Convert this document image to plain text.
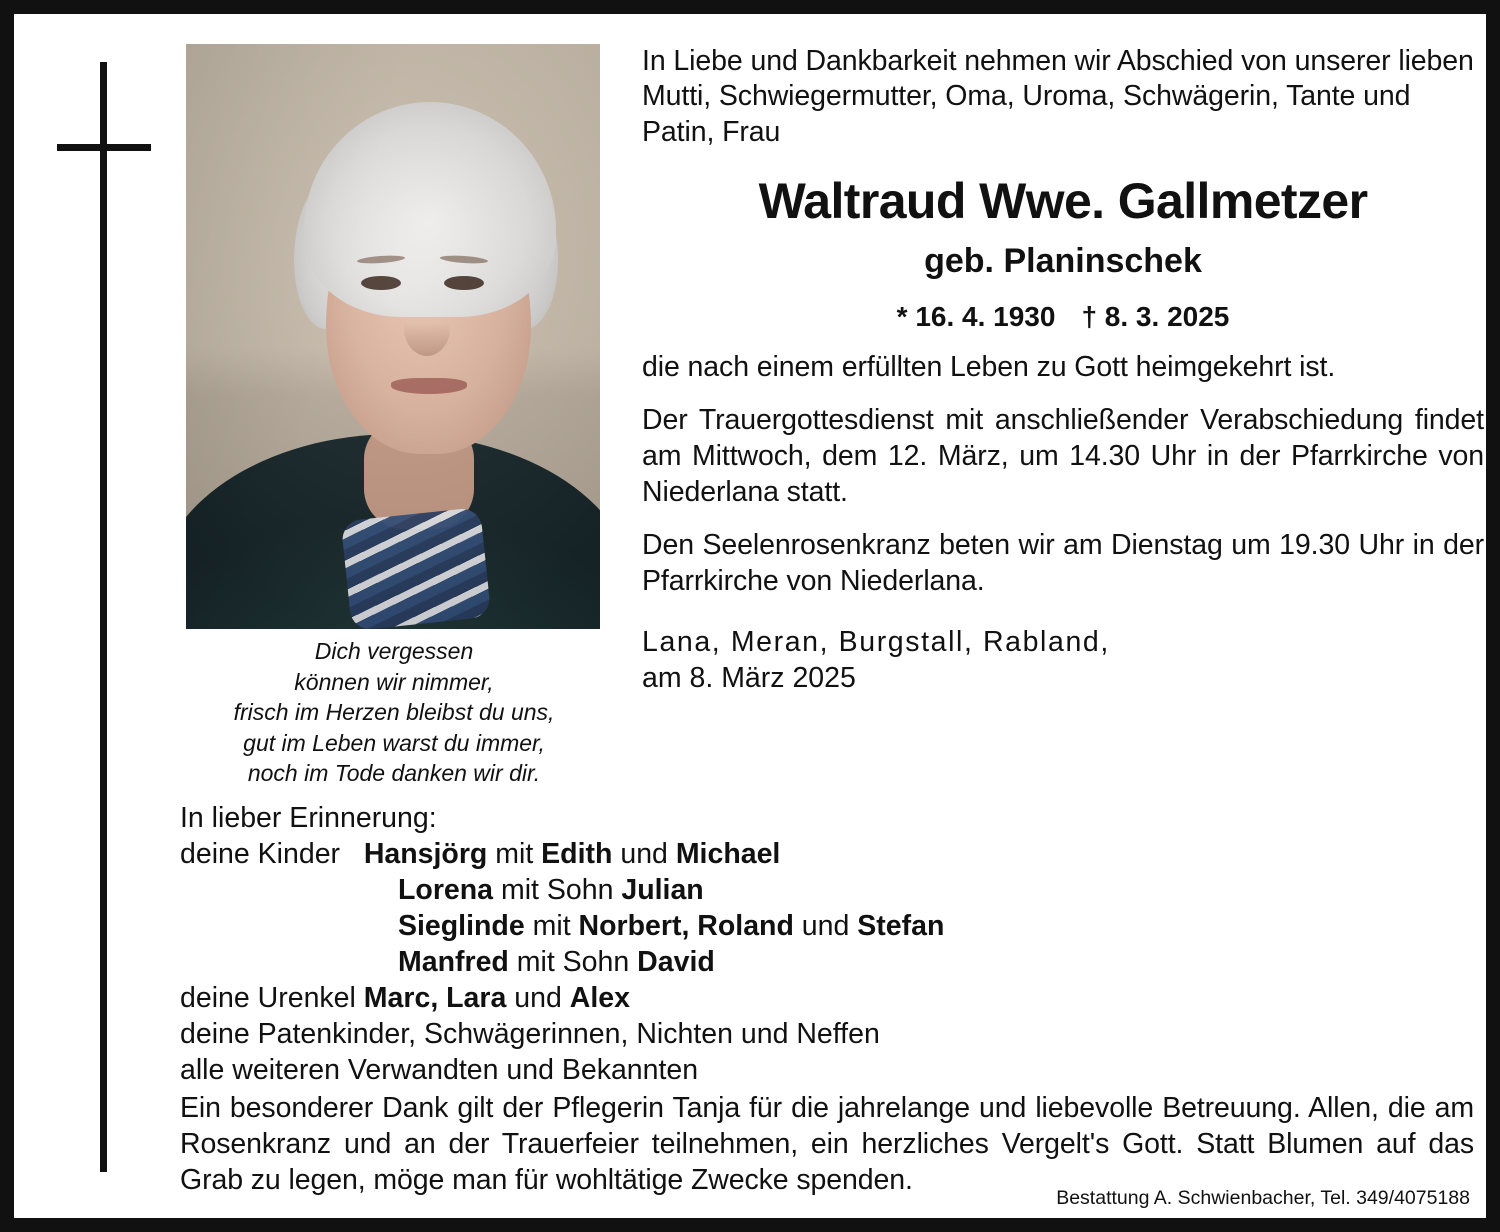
Dich vergessen
können wir nimmer,
frisch im Herzen bleibst du uns,
gut im Leben warst du immer,
noch im Tode danken wir dir.
In Liebe und Dankbarkeit nehmen wir Abschied von unserer lieben Mutti, Schwiegermutter, Oma, Uroma, Schwägerin, Tante und Patin, Frau
Waltraud Wwe. Gallmetzer
geb. Planinschek
* 16. 4. 1930 † 8. 3. 2025
die nach einem erfüllten Leben zu Gott heimgekehrt ist.
Der Trauergottesdienst mit anschließender Verabschiedung findet am Mittwoch, dem 12. März, um 14.30 Uhr in der Pfarrkirche von Niederlana statt.
Den Seelenrosenkranz beten wir am Dienstag um 19.30 Uhr in der Pfarrkirche von Niederlana.
Lana, Meran, Burgstall, Rabland,
am 8. März 2025
In lieber Erinnerung:
deine Kinder Hansjörg mit Edith und Michael
Lorena mit Sohn Julian
Sieglinde mit Norbert, Roland und Stefan
Manfred mit Sohn David
deine Urenkel Marc, Lara und Alex
deine Patenkinder, Schwägerinnen, Nichten und Neffen
alle weiteren Verwandten und Bekannten
Ein besonderer Dank gilt der Pflegerin Tanja für die jahrelange und liebevolle Betreuung. Allen, die am Rosenkranz und an der Trauerfeier teilnehmen, ein herzliches Vergelt's Gott. Statt Blumen auf das Grab zu legen, möge man für wohltätige Zwecke spenden.
Bestattung A. Schwienbacher, Tel. 349/4075188
